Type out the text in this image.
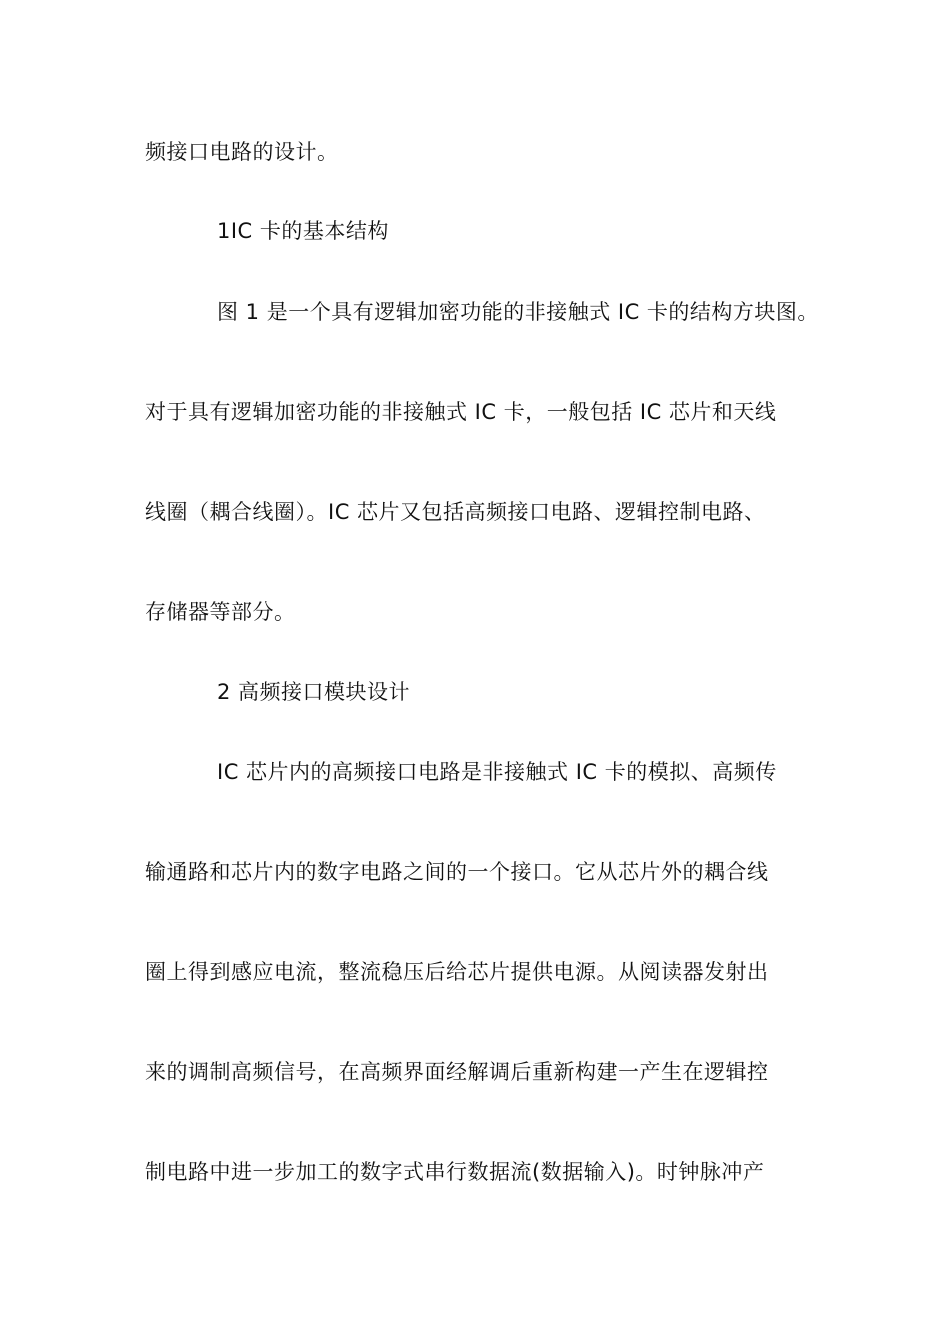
频接口电路的设计。
1IC 卡的基本结构
图 1 是一个具有逻辑加密功能的非接触式 IC 卡的结构方块图。
对于具有逻辑加密功能的非接触式 IC 卡，一般包括 IC 芯片和天线
线圈（耦合线圈）。IC 芯片又包括高频接口电路、逻辑控制电路、
存储器等部分。
2 高频接口模块设计
IC 芯片内的高频接口电路是非接触式 IC 卡的模拟、高频传
输通路和芯片内的数字电路之间的一个接口。它从芯片外的耦合线
圈上得到感应电流，整流稳压后给芯片提供电源。从阅读器发射出
来的调制高频信号，在高频界面经解调后重新构建一产生在逻辑控
制电路中进一步加工的数字式串行数据流(数据输入)。时钟脉冲产
